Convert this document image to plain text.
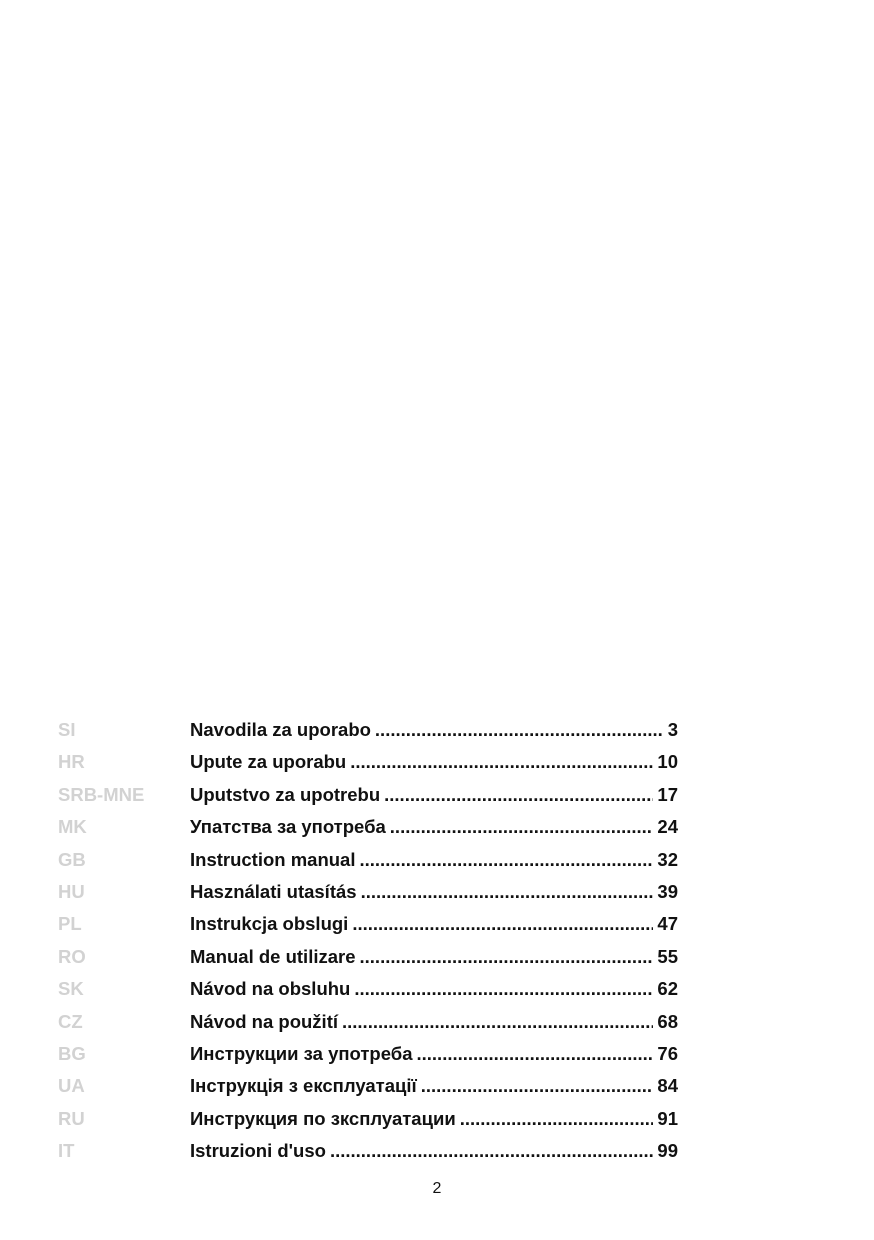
SI	Navodila za uporabo .....	3
HR	Upute za uporabu .....	10
SRB-MNE	Uputstvo za upotrebu .....	17
MK	Упатства за употреба .....	24
GB	Instruction manual .....	32
HU	Használati utasítás .....	39
PL	Instrukcja obslugi .....	47
RO	Manual de utilizare .....	55
SK	Návod na obsluhu .....	62
CZ	Návod na použití .....	68
BG	Инструкции за употреба .....	76
UA	Інструкція з експлуатації .....	84
RU	Инструкция по зксплуатации .....	91
IT	Istruzioni d'uso .....	99
2
